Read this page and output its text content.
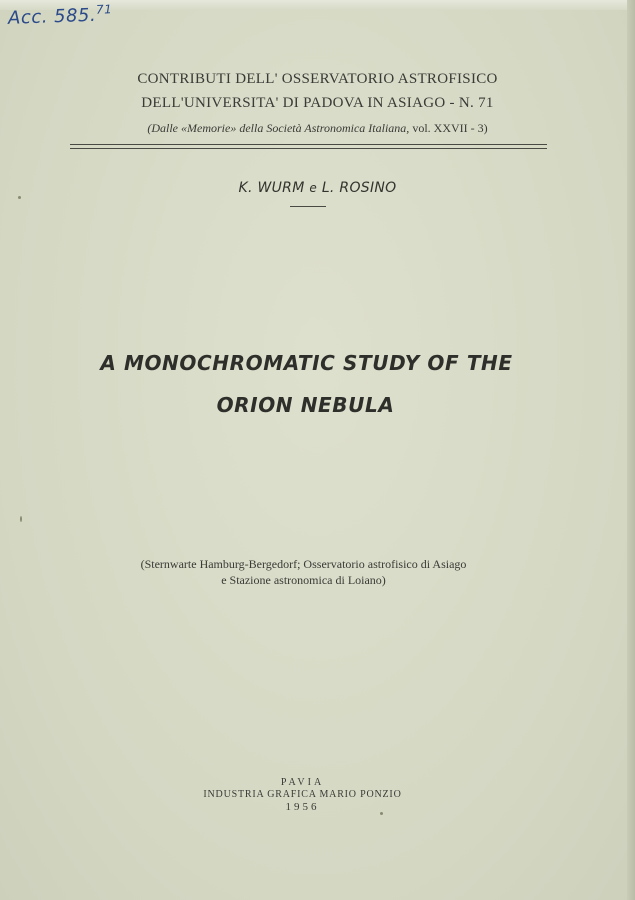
Acc. 585.71
CONTRIBUTI DELL' OSSERVATORIO ASTROFISICO
DELL'UNIVERSITA' DI PADOVA IN ASIAGO - N. 71
(Dalle «Memorie» della Società Astronomica Italiana, vol. XXVII - 3)
K. WURM e L. ROSINO
A MONOCHROMATIC STUDY OF THE
ORION NEBULA
(Sternwarte Hamburg-Bergedorf; Osservatorio astrofisico di Asiago
e Stazione astronomica di Loiano)
PAVIA
INDUSTRIA GRAFICA MARIO PONZIO
1956
